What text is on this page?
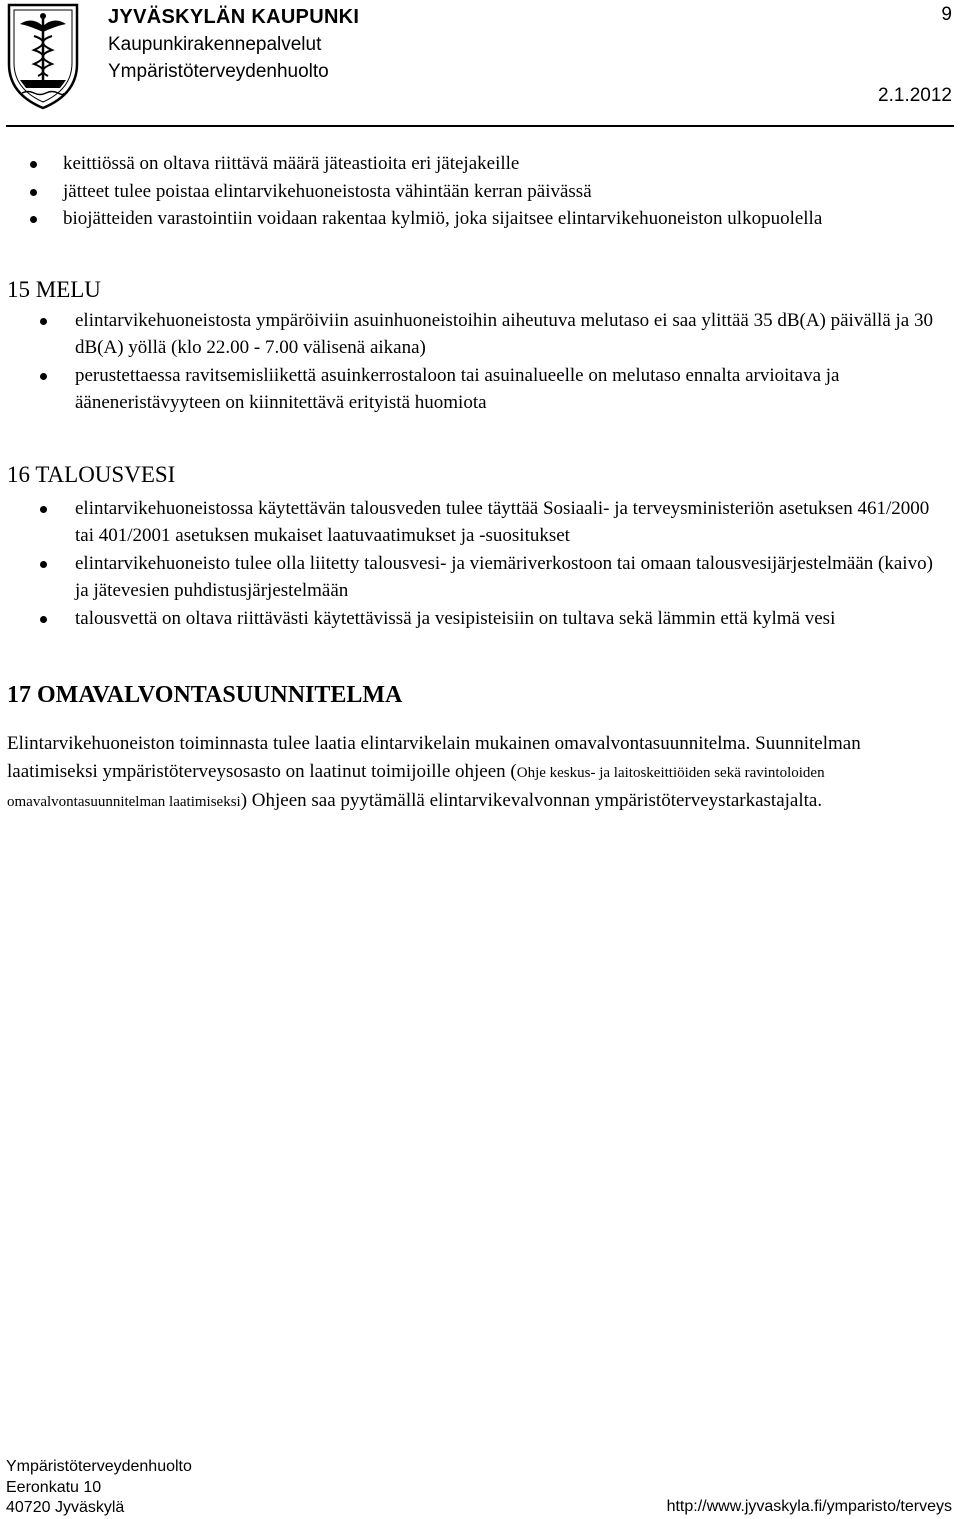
JYVÄSKYLÄN KAUPUNKI
Kaupunkirakennepalvelut
Ympäristöterveydenhuolto
9
2.1.2012
keittiössä on oltava riittävä määrä jäteastioita eri jätejakeille
jätteet tulee poistaa elintarvikehuoneistosta vähintään kerran päivässä
biojätteiden varastointiin voidaan rakentaa kylmiö, joka sijaitsee elintarvikehuoneiston ulkopuolella
15 MELU
elintarvikehuoneistosta ympäröiviin asuinhuoneistoihin aiheutuva melutaso ei saa ylittää 35 dB(A) päivällä ja 30 dB(A) yöllä (klo 22.00 - 7.00 välisenä aikana)
perustettaessa ravitsemisliikettä asuinkerrostaloon tai asuinalueelle on melutaso ennalta arvioitava ja ääneneristävyyteen on kiinnitettävä erityistä huomiota
16 TALOUSVESI
elintarvikehuoneistossa käytettävän talousveden tulee täyttää Sosiaali- ja terveysministeriön asetuksen 461/2000 tai 401/2001 asetuksen mukaiset laatuvaatimukset ja -suositukset
elintarvikehuoneisto tulee olla liitetty talousvesi- ja viemäriverkostoon tai omaan talousvesijärjestelmään (kaivo) ja jätevesien puhdistusjärjestelmään
talousvettä on oltava riittävästi käytettävissä ja vesipisteisiin on tultava sekä lämmin että kylmä vesi
17 OMAVALVONTASUUNNITELMA
Elintarvikehuoneiston toiminnasta tulee laatia elintarvikelain mukainen omavalvontasuunnitelma. Suunnitelman laatimiseksi ympäristöterveysosasto on laatinut toimijoille ohjeen (Ohje keskus- ja laitoskeittiöiden sekä ravintoloiden omavalvontasuunnitelman laatimiseksi) Ohjeen saa pyytämällä elintarvikevalvonnan ympäristöterveystarkastajalta.
Ympäristöterveydenhuolto
Eeronkatu 10
40720 Jyväskylä	http://www.jyvaskyla.fi/ymparisto/terveys
